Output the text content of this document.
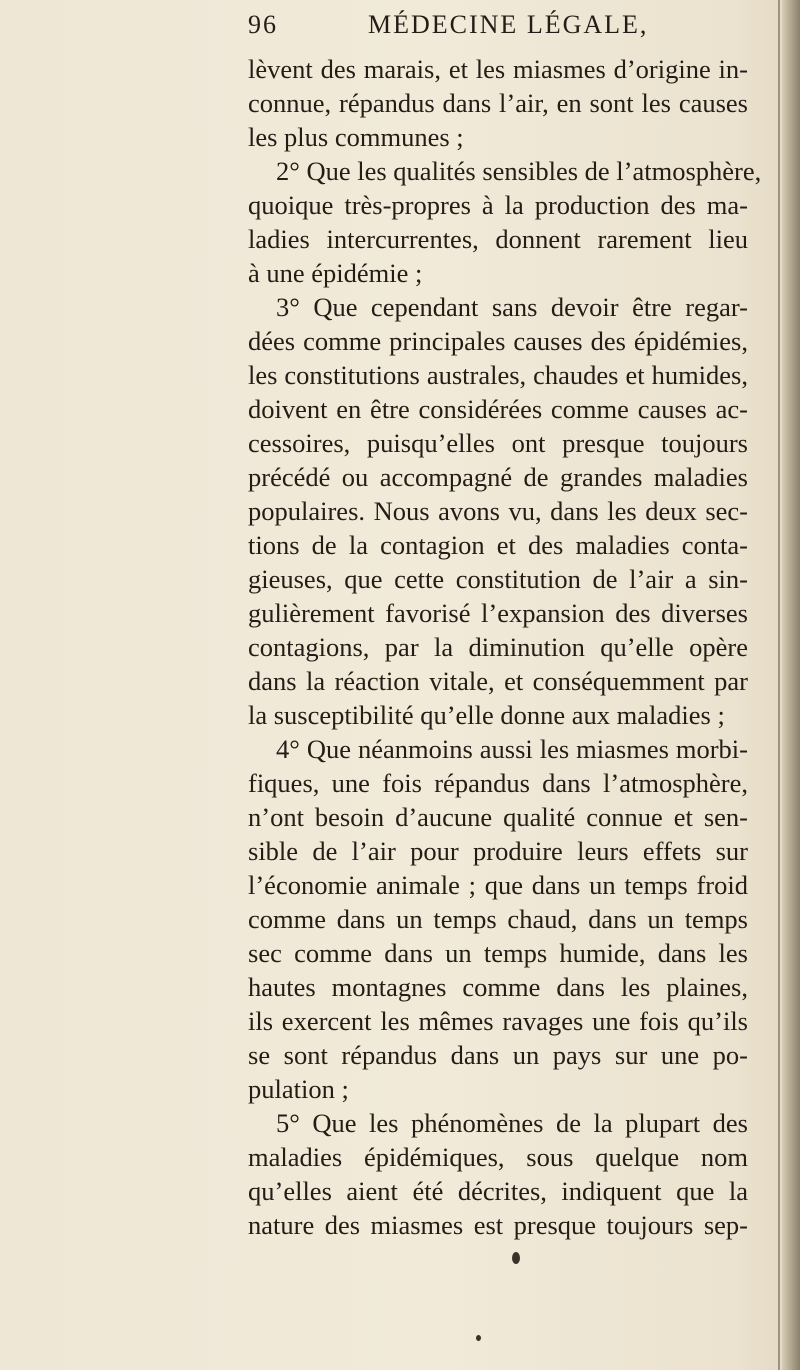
96	MÉDECINE LÉGALE,
lèvent des marais, et les miasmes d’origine in-
connue, répandus dans l’air, en sont les causes
les plus communes ;
2° Que les qualités sensibles de l’atmosphère,
quoique très-propres à la production des ma-
ladies intercurrentes, donnent rarement lieu
à une épidémie ;
3° Que cependant sans devoir être regar-
dées comme principales causes des épidémies,
les constitutions australes, chaudes et humides,
doivent en être considérées comme causes ac-
cessoires, puisqu’elles ont presque toujours
précédé ou accompagné de grandes maladies
populaires. Nous avons vu, dans les deux sec-
tions de la contagion et des maladies conta-
gieuses, que cette constitution de l’air a sin-
gulièrement favorisé l’expansion des diverses
contagions, par la diminution qu’elle opère
dans la réaction vitale, et conséquemment par
la susceptibilité qu’elle donne aux maladies ;
4° Que néanmoins aussi les miasmes morbi-
fiques, une fois répandus dans l’atmosphère,
n’ont besoin d’aucune qualité connue et sen-
sible de l’air pour produire leurs effets sur
l’économie animale ; que dans un temps froid
comme dans un temps chaud, dans un temps
sec comme dans un temps humide, dans les
hautes montagnes comme dans les plaines,
ils exercent les mêmes ravages une fois qu’ils
se sont répandus dans un pays sur une po-
pulation ;
5° Que les phénomènes de la plupart des
maladies épidémiques, sous quelque nom
qu’elles aient été décrites, indiquent que la
nature des miasmes est presque toujours sep-
